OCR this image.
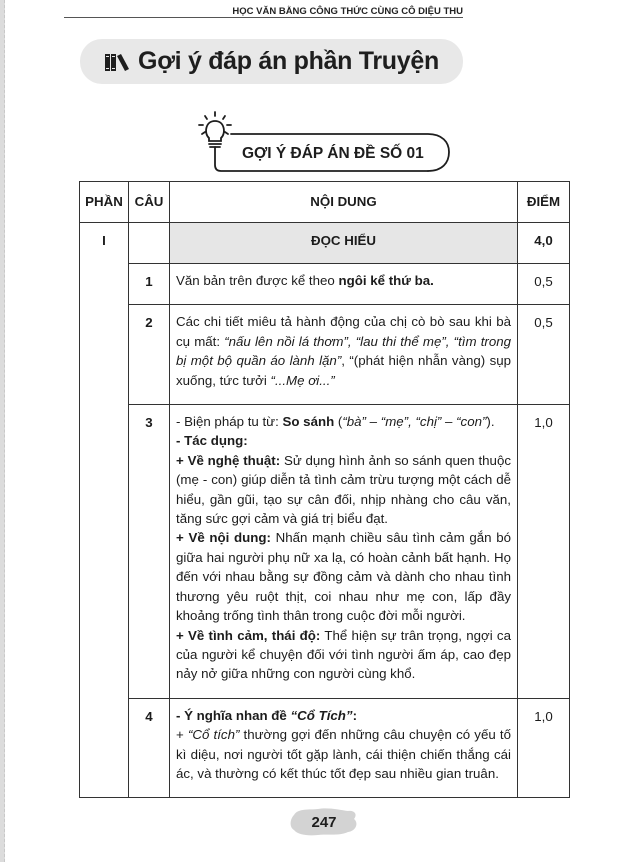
HỌC VĂN BẰNG CÔNG THỨC CÙNG CÔ DIỆU THU
Gợi ý đáp án phần Truyện
GỢI Ý ĐÁP ÁN ĐỀ SỐ 01
PHẦN	CÂU	NỘI DUNG	ĐIỂM
I		ĐỌC HIỂU	4,0
	1	Văn bản trên được kể theo ngôi kể thứ ba.	0,5
	2	Các chi tiết miêu tả hành động của chị cò bò sau khi bà cụ mất: “nấu lên nồi lá thơm”, “lau thi thể mẹ”, “tìm trong bị một bộ quần áo lành lặn”, “(phát hiện nhẫn vàng) sụp xuống, tức tưởi “...Mẹ ơi...”	0,5
	3	- Biện pháp tu từ: So sánh (“bà” – “mẹ”, “chị” – “con”).
- Tác dụng:
+ Về nghệ thuật: Sử dụng hình ảnh so sánh quen thuộc (mẹ - con) giúp diễn tả tình cảm trừu tượng một cách dễ hiểu, gần gũi, tạo sự cân đối, nhịp nhàng cho câu văn, tăng sức gợi cảm và giá trị biểu đạt.
+ Về nội dung: Nhấn mạnh chiều sâu tình cảm gắn bó giữa hai người phụ nữ xa lạ, có hoàn cảnh bất hạnh. Họ đến với nhau bằng sự đồng cảm và dành cho nhau tình thương yêu ruột thịt, coi nhau như mẹ con, lấp đầy khoảng trống tình thân trong cuộc đời mỗi người.
+ Về tình cảm, thái độ: Thể hiện sự trân trọng, ngợi ca của người kể chuyện đối với tình người ấm áp, cao đẹp nảy nở giữa những con người cùng khổ.	1,0
	4	- Ý nghĩa nhan đề “Cổ Tích”:
+ “Cổ tích” thường gợi đến những câu chuyện có yếu tố kì diệu, nơi người tốt gặp lành, cái thiện chiến thắng cái ác, và thường có kết thúc tốt đẹp sau nhiều gian truân.	1,0
247
